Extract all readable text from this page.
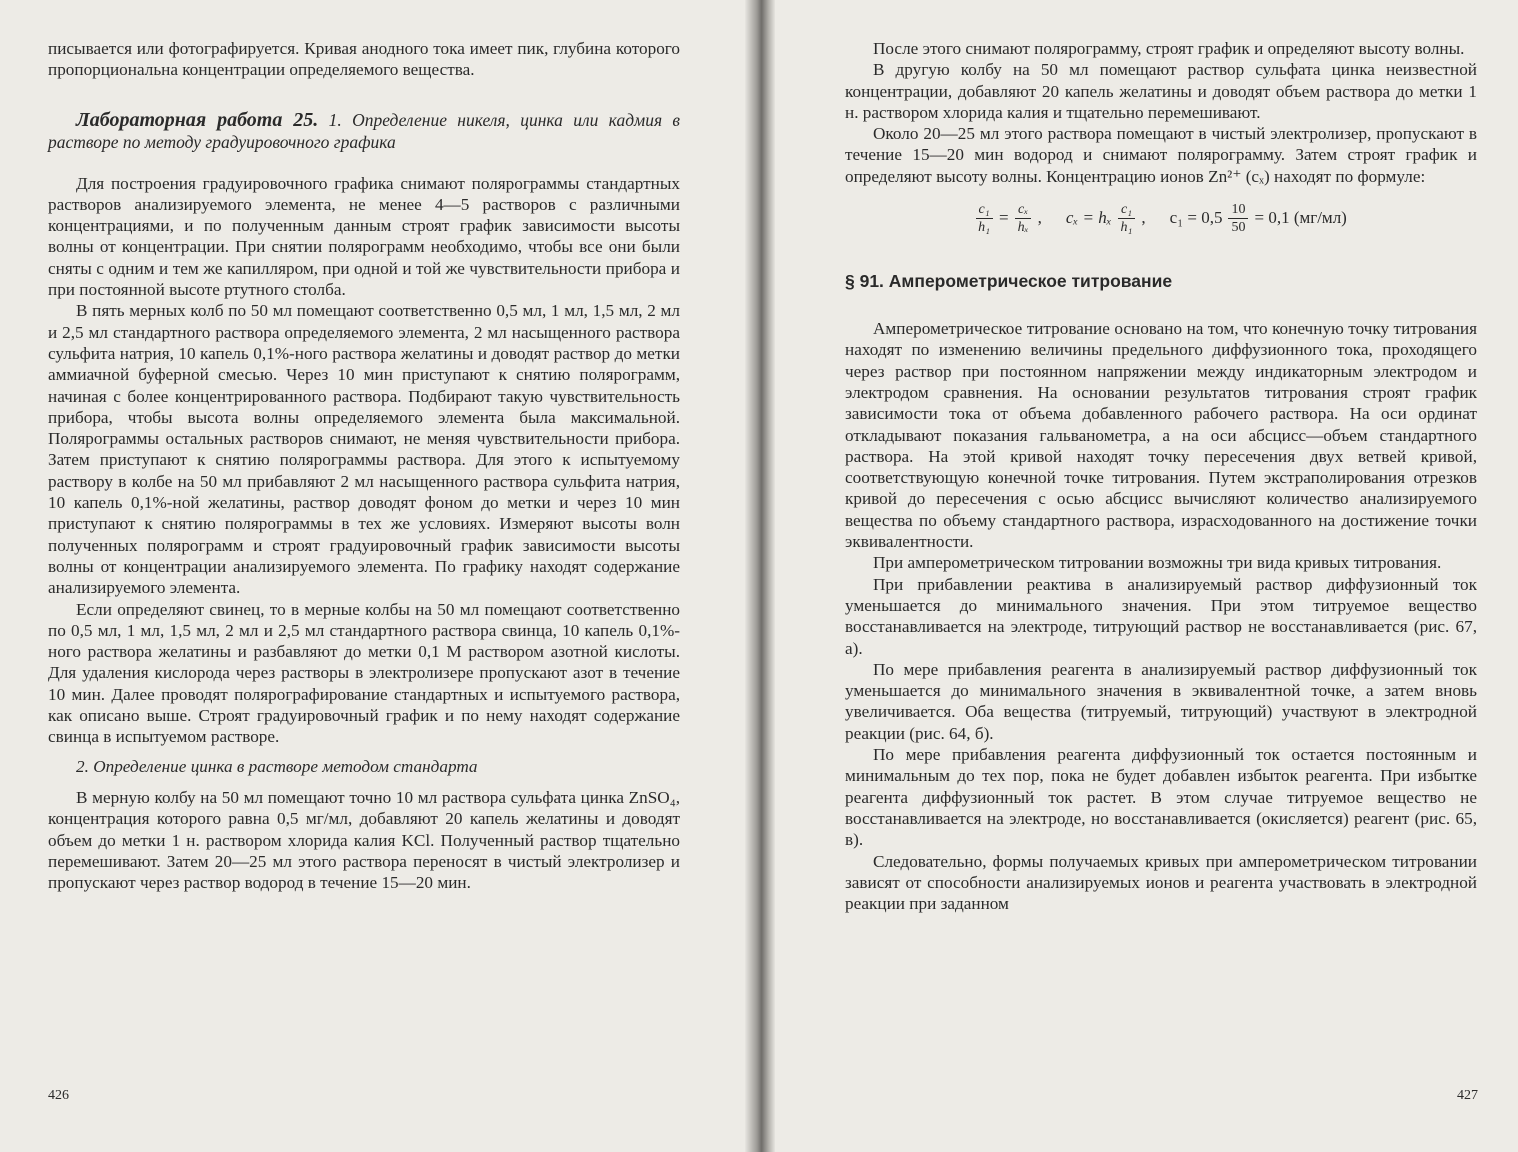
писывается или фотографируется. Кривая анодного тока имеет пик, глубина которого пропорциональна концентрации определяемого вещества.

Лабораторная работа 25. 1. Определение никеля, цинка или кадмия в растворе по методу градуировочного графика

Для построения градуировочного графика снимают полярограммы стандартных растворов анализируемого элемента, не менее 4—5 растворов с различными концентрациями, и по полученным данным строят график зависимости высоты волны от концентрации. При снятии полярограмм необходимо, чтобы все они были сняты с одним и тем же капилляром, при одной и той же чувствительности прибора и при постоянной высоте ртутного столба.

В пять мерных колб по 50 мл помещают соответственно 0,5 мл, 1 мл, 1,5 мл, 2 мл и 2,5 мл стандартного раствора определяемого элемента, 2 мл насыщенного раствора сульфита натрия, 10 капель 0,1%-ного раствора желатины и доводят раствор до метки аммиачной буферной смесью. Через 10 мин приступают к снятию полярограмм, начиная с более концентрированного раствора. Подбирают такую чувствительность прибора, чтобы высота волны определяемого элемента была максимальной. Полярограммы остальных растворов снимают, не меняя чувствительности прибора. Затем приступают к снятию полярограммы раствора. Для этого к испытуемому раствору в колбе на 50 мл прибавляют 2 мл насыщенного раствора сульфита натрия, 10 капель 0,1%-ной желатины, раствор доводят фоном до метки и через 10 мин приступают к снятию полярограммы в тех же условиях. Измеряют высоты волн полученных полярограмм и строят градуировочный график зависимости высоты волны от концентрации анализируемого элемента. По графику находят содержание анализируемого элемента.

Если определяют свинец, то в мерные колбы на 50 мл помещают соответственно по 0,5 мл, 1 мл, 1,5 мл, 2 мл и 2,5 мл стандартного раствора свинца, 10 капель 0,1%-ного раствора желатины и разбавляют до метки 0,1 М раствором азотной кислоты. Для удаления кислорода через растворы в электролизере пропускают азот в течение 10 мин. Далее проводят полярографирование стандартных и испытуемого раствора, как описано выше. Строят градуировочный график и по нему находят содержание свинца в испытуемом растворе.

2. Определение цинка в растворе методом стандарта

В мерную колбу на 50 мл помещают точно 10 мл раствора сульфата цинка ZnSO₄, концентрация которого равна 0,5 мг/мл, добавляют 20 капель желатины и доводят объем до метки 1 н. раствором хлорида калия KCl. Полученный раствор тщательно перемешивают. Затем 20—25 мл этого раствора переносят в чистый электролизер и пропускают через раствор водород в течение 15—20 мин.

426

После этого снимают полярограмму, строят график и определяют высоту волны.

В другую колбу на 50 мл помещают раствор сульфата цинка неизвестной концентрации, добавляют 20 капель желатины и доводят объем раствора до метки 1 н. раствором хлорида калия и тщательно перемешивают.

Около 20—25 мл этого раствора помещают в чистый электролизер, пропускают в течение 15—20 мин водород и снимают полярограмму. Затем строят график и определяют высоту волны. Концентрацию ионов Zn²⁺ (cₓ) находят по формуле:

$\frac{\text{c₁}}{\text{h₁}} = \frac{\text{cₓ}}{\text{hₓ}}$ , cₓ = hₓ $\frac{\text{c₁}}{\text{h₁}}$ , $c_1 = 0,5 \frac{10}{50} = 0,1$ (мг/мл)
§ 91. Амперометрическое титрование

Амперометрическое титрование основано на том, что конечную точку титрования находят по изменению величины предельного диффузионного тока, проходящего через раствор при постоянном напряжении между индикаторным электродом и электродом сравнения. На основании результатов титрования строят график зависимости тока от объема добавленного рабочего раствора. На оси ординат откладывают показания гальванометра, а на оси абсцисс—объем стандартного раствора. На этой кривой находят точку пересечения двух ветвей кривой, соответствующую конечной точке титрования. Путем экстраполирования отрезков кривой до пересечения с осью абсцисс вычисляют количество анализируемого вещества по объему стандартного раствора, израсходованного на достижение точки эквивалентности.

При амперометрическом титровании возможны три вида кривых титрования.

При прибавлении реактива в анализируемый раствор диффузионный ток уменьшается до минимального значения. При этом титруемое вещество восстанавливается на электроде, титрующий раствор не восстанавливается (рис. 67, а).

По мере прибавления реагента в анализируемый раствор диффузионный ток уменьшается до минимального значения в эквивалентной точке, а затем вновь увеличивается. Оба вещества (титруемый, титрующий) участвуют в электродной реакции (рис. 64, б).

По мере прибавления реагента диффузионный ток остается постоянным и минимальным до тех пор, пока не будет добавлен избыток реагента. При избытке реагента диффузионный ток растет. В этом случае титруемое вещество не восстанавливается на электроде, но восстанавливается (окисляется) реагент (рис. 65, в).

Следовательно, формы получаемых кривых при амперометрическом титровании зависят от способности анализируемых ионов и реагента участвовать в электродной реакции при заданном

427
